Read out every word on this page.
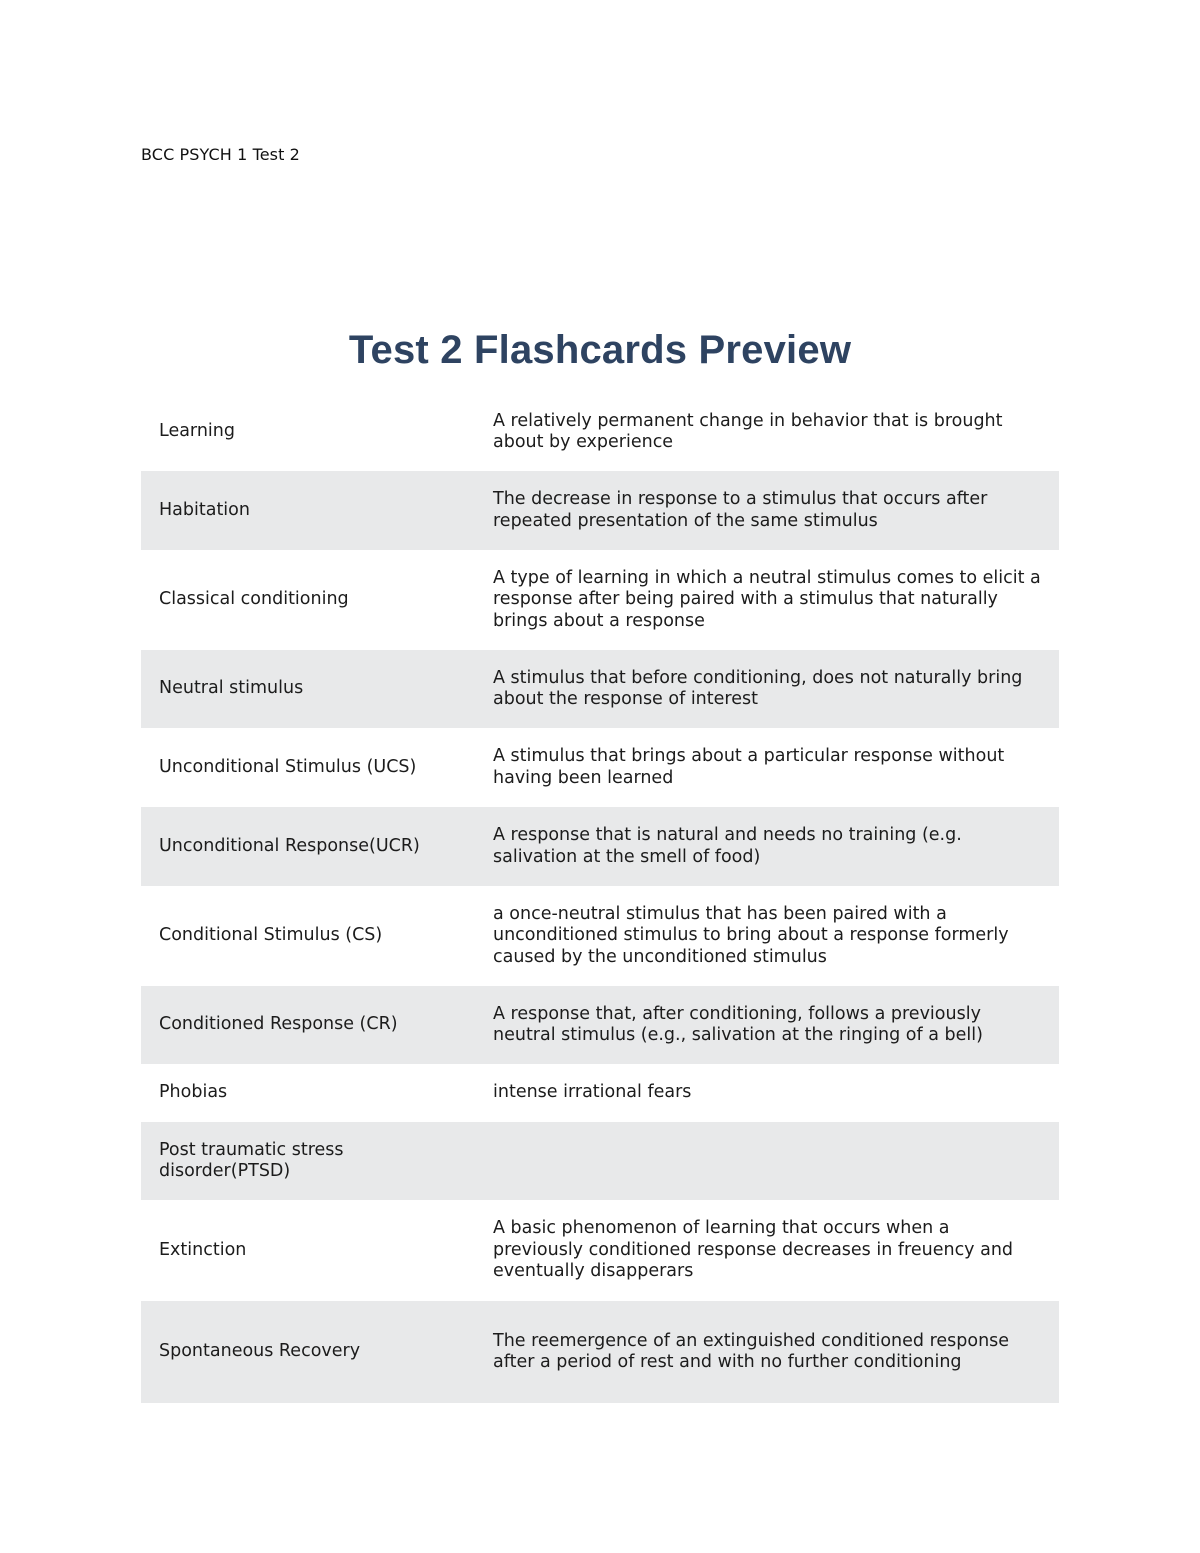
BCC PSYCH 1 Test 2
Test 2 Flashcards Preview
Learning	A relatively permanent change in behavior that is brought about by experience
Habitation	The decrease in response to a stimulus that occurs after repeated presentation of the same stimulus
Classical conditioning	A type of learning in which a neutral stimulus comes to elicit a response after being paired with a stimulus that naturally brings about a response
Neutral stimulus	A stimulus that before conditioning, does not naturally bring about the response of interest
Unconditional Stimulus (UCS)	A stimulus that brings about a particular response without having been learned
Unconditional Response(UCR)	A response that is natural and needs no training (e.g. salivation at the smell of food)
Conditional Stimulus (CS)	a once-neutral stimulus that has been paired with a unconditioned stimulus to bring about a response formerly caused by the unconditioned stimulus
Conditioned Response (CR)	A response that, after conditioning, follows a previously neutral stimulus (e.g., salivation at the ringing of a bell)
Phobias	intense irrational fears
Post traumatic stress disorder(PTSD)	
Extinction	A basic phenomenon of learning that occurs when a previously conditioned response decreases in freuency and eventually disapperars
Spontaneous Recovery	The reemergence of an extinguished conditioned response after a period of rest and with no further conditioning
